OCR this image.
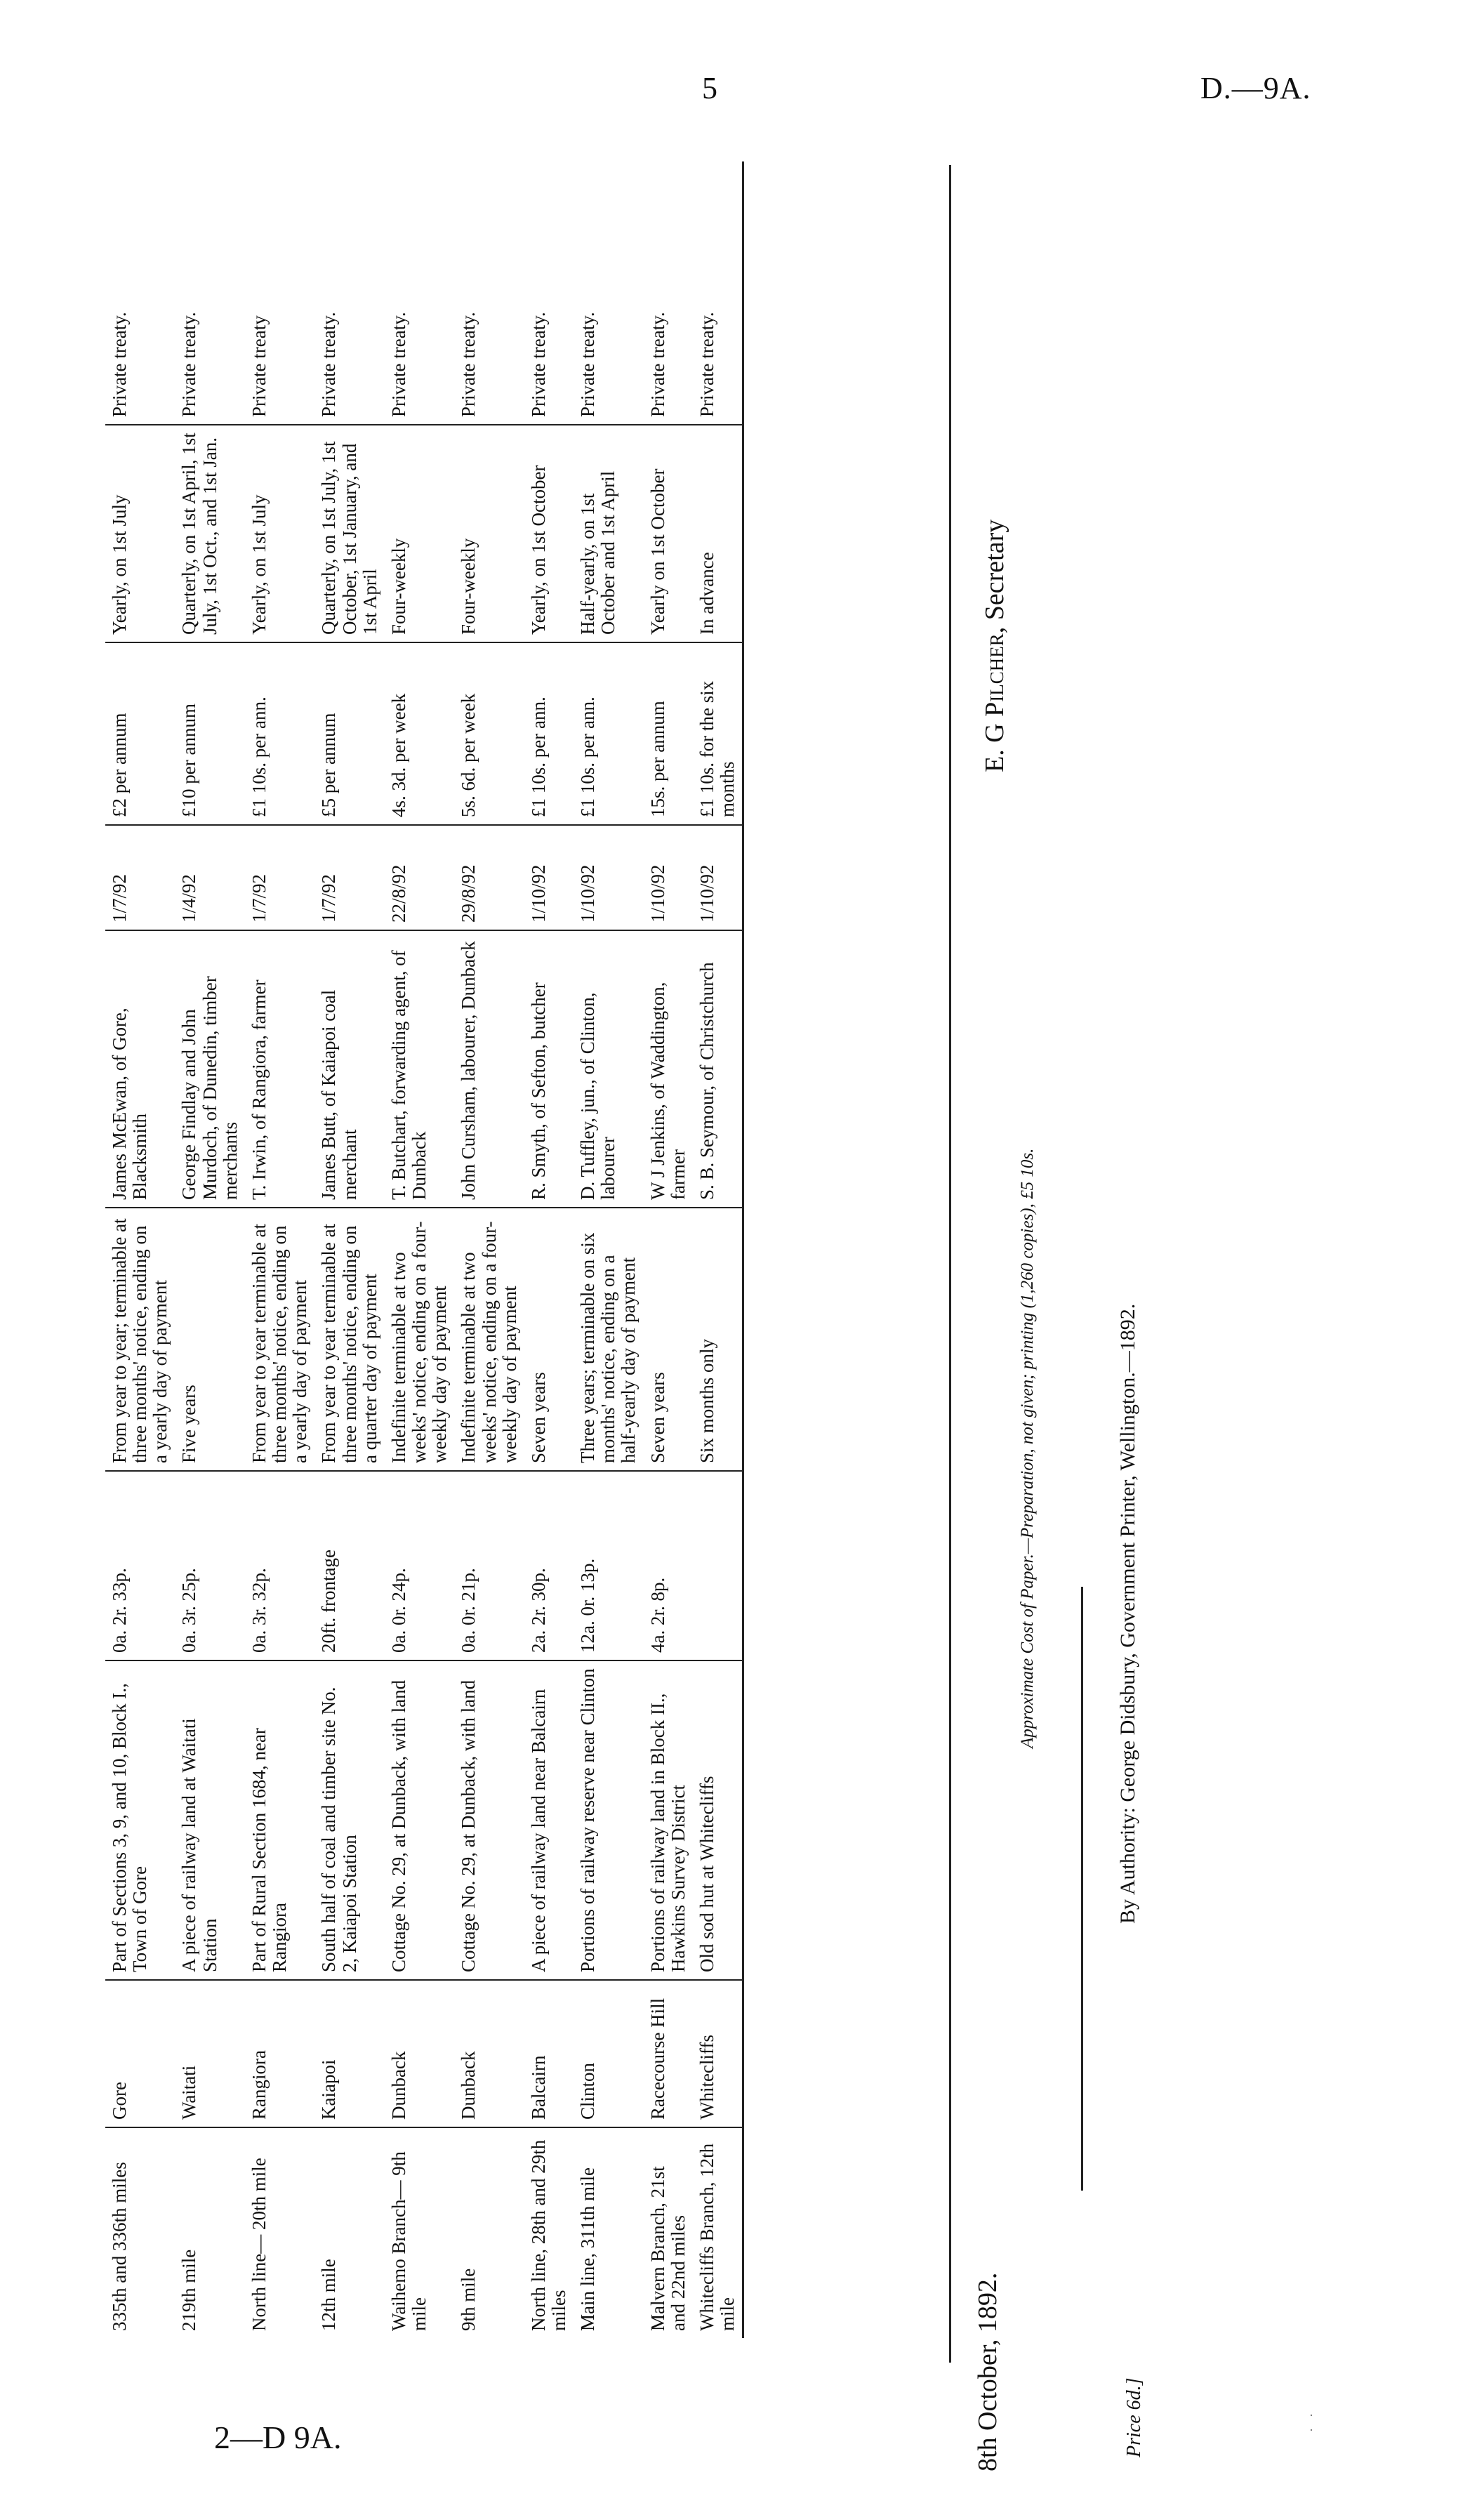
5	D.—9A.
335th and 336th miles	Gore	Part of Sections 3, 9, and 10, Block I., Town of Gore	0a. 2r. 33p.	From year to year; terminable at three months' notice, ending on a yearly day of payment	James McEwan, of Gore, Blacksmith	1/7/92	£2 per annum	Yearly, on 1st July	Private treaty.
219th mile	Waitati	A piece of railway land at Waitati Station	0a. 3r. 25p.	Five years	George Findlay and John Murdoch, of Dunedin, timber merchants	1/4/92	£10 per annum	Quarterly, on 1st April, 1st July, 1st Oct., and 1st Jan.	Private treaty.
North line— 20th mile	Rangiora	Part of Rural Section 1684, near Rangiora	0a. 3r. 32p.	From year to year terminable at three months' notice, ending on a yearly day of payment	T. Irwin, of Rangiora, farmer	1/7/92	£1 10s. per ann.	Yearly, on 1st July	Private treaty
12th mile	Kaiapoi	South half of coal and timber site No. 2, Kaiapoi Station	20ft. frontage	From year to year terminable at three months' notice, ending on a quarter day of payment	James Butt, of Kaiapoi coal merchant	1/7/92	£5 per annum	Quarterly, on 1st July, 1st October, 1st January, and 1st April	Private treaty.
Waihemo Branch— 9th mile	Dunback	Cottage No. 29, at Dunback, with land	0a. 0r. 24p.	Indefinite terminable at two weeks' notice, ending on a four-weekly day of payment	T. Butchart, forwarding agent, of Dunback	22/8/92	4s. 3d. per week	Four-weekly	Private treaty.
9th mile	Dunback	Cottage No. 29, at Dunback, with land	0a. 0r. 21p.	Indefinite terminable at two weeks' notice, ending on a four-weekly day of payment	John Cursham, labourer, Dunback	29/8/92	5s. 6d. per week	Four-weekly	Private treaty.
North line, 28th and 29th miles	Balcairn	A piece of railway land near Balcairn	2a. 2r. 30p.	Seven years	R. Smyth, of Sefton, butcher	1/10/92	£1 10s. per ann.	Yearly, on 1st October	Private treaty.
Main line, 311th mile	Clinton	Portions of railway reserve near Clinton	12a. 0r. 13p.	Three years; terminable on six months' notice, ending on a half-yearly day of payment	D. Tuffley, jun., of Clinton, labourer	1/10/92	£1 10s. per ann.	Half-yearly, on 1st October and 1st April	Private treaty.
Malvern Branch, 21st and 22nd miles	Racecourse Hill	Portions of railway land in Block II., Hawkins Survey District	4a. 2r. 8p.	Seven years	W J Jenkins, of Waddington, farmer	1/10/92	15s. per annum	Yearly on 1st October	Private treaty.
Whitecliffs Branch, 12th mile	Whitecliffs	Old sod hut at Whitecliffs		Six months only	S. B. Seymour, of Christchurch	1/10/92	£1 10s. for the six months	In advance	Private treaty.
8th October, 1892.
E. G Pilcher, Secretary
Approximate Cost of Paper.—Preparation, not given; printing (1,260 copies), £5 10s.	By Authority: George Didsbury, Government Printer, Wellington.—1892.
Price 6d.]
2—D 9A.
·
·
